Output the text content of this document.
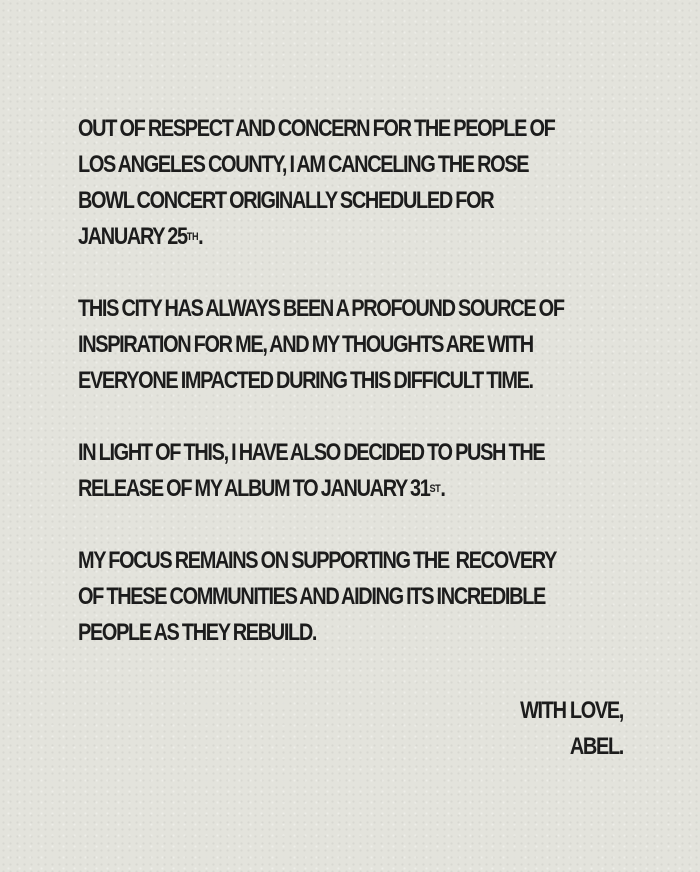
OUT OF RESPECT AND CONCERN FOR THE PEOPLE OF
LOS ANGELES COUNTY, I AM CANCELING THE ROSE
BOWL CONCERT ORIGINALLY SCHEDULED FOR
JANUARY 25TH.
THIS CITY HAS ALWAYS BEEN A PROFOUND SOURCE OF
INSPIRATION FOR ME, AND MY THOUGHTS ARE WITH
EVERYONE IMPACTED DURING THIS DIFFICULT TIME.
IN LIGHT OF THIS, I HAVE ALSO DECIDED TO PUSH THE
RELEASE OF MY ALBUM TO JANUARY 31ST.
MY FOCUS REMAINS ON SUPPORTING THE  RECOVERY
OF THESE COMMUNITIES AND AIDING ITS INCREDIBLE
PEOPLE AS THEY REBUILD.
WITH LOVE,
ABEL.
